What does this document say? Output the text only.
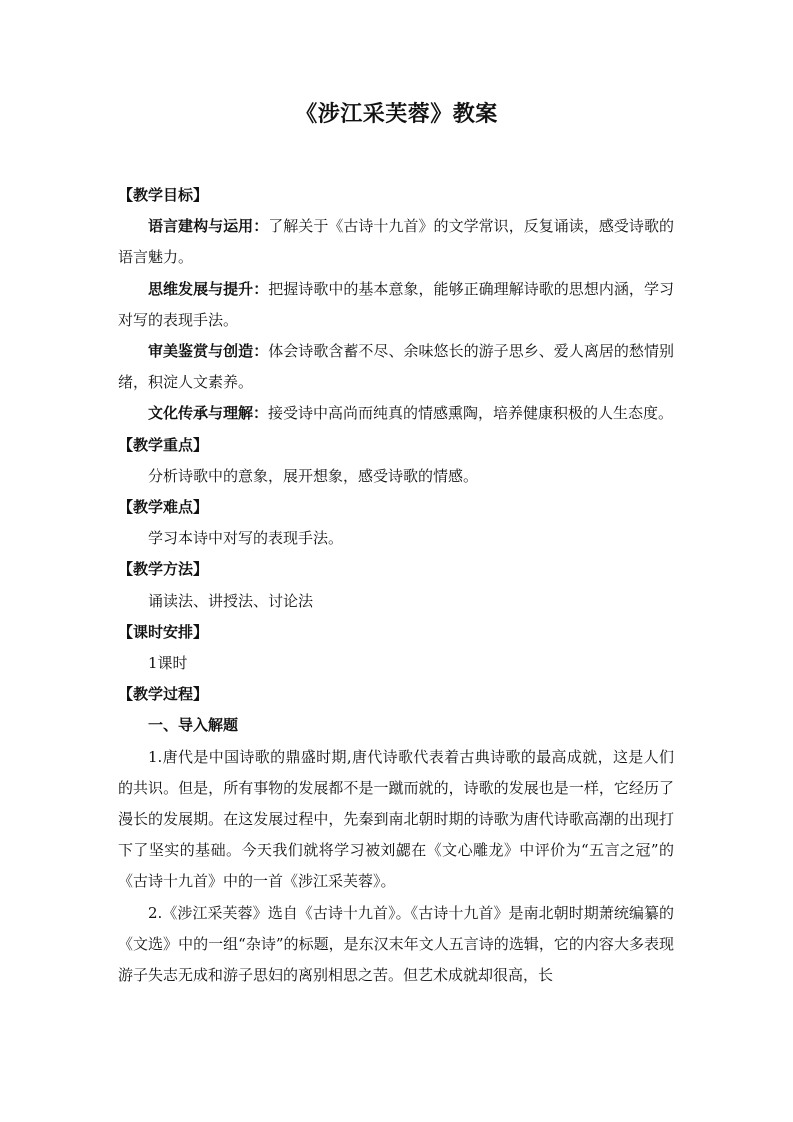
《涉江采芙蓉》教案

【教学目标】

语言建构与运用：了解关于《古诗十九首》的文学常识，反复诵读，感受诗歌的语言魅力。

思维发展与提升：把握诗歌中的基本意象，能够正确理解诗歌的思想内涵，学习对写的表现手法。

审美鉴赏与创造：体会诗歌含蓄不尽、余味悠长的游子思乡、爱人离居的愁情别绪，积淀人文素养。

文化传承与理解：接受诗中高尚而纯真的情感熏陶，培养健康积极的人生态度。

【教学重点】

分析诗歌中的意象，展开想象，感受诗歌的情感。

【教学难点】

学习本诗中对写的表现手法。

【教学方法】

诵读法、讲授法、讨论法

【课时安排】

1课时

【教学过程】

一、导入解题

1.唐代是中国诗歌的鼎盛时期,唐代诗歌代表着古典诗歌的最高成就，这是人们的共识。但是，所有事物的发展都不是一蹴而就的，诗歌的发展也是一样，它经历了漫长的发展期。在这发展过程中，先秦到南北朝时期的诗歌为唐代诗歌高潮的出现打下了坚实的基础。今天我们就将学习被刘勰在《文心雕龙》中评价为“五言之冠”的《古诗十九首》中的一首《涉江采芙蓉》。

2.《涉江采芙蓉》选自《古诗十九首》。《古诗十九首》是南北朝时期萧统编纂的《文选》中的一组“杂诗”的标题，是东汉末年文人五言诗的选辑，它的内容大多表现游子失志无成和游子思妇的离别相思之苦。但艺术成就却很高，长
